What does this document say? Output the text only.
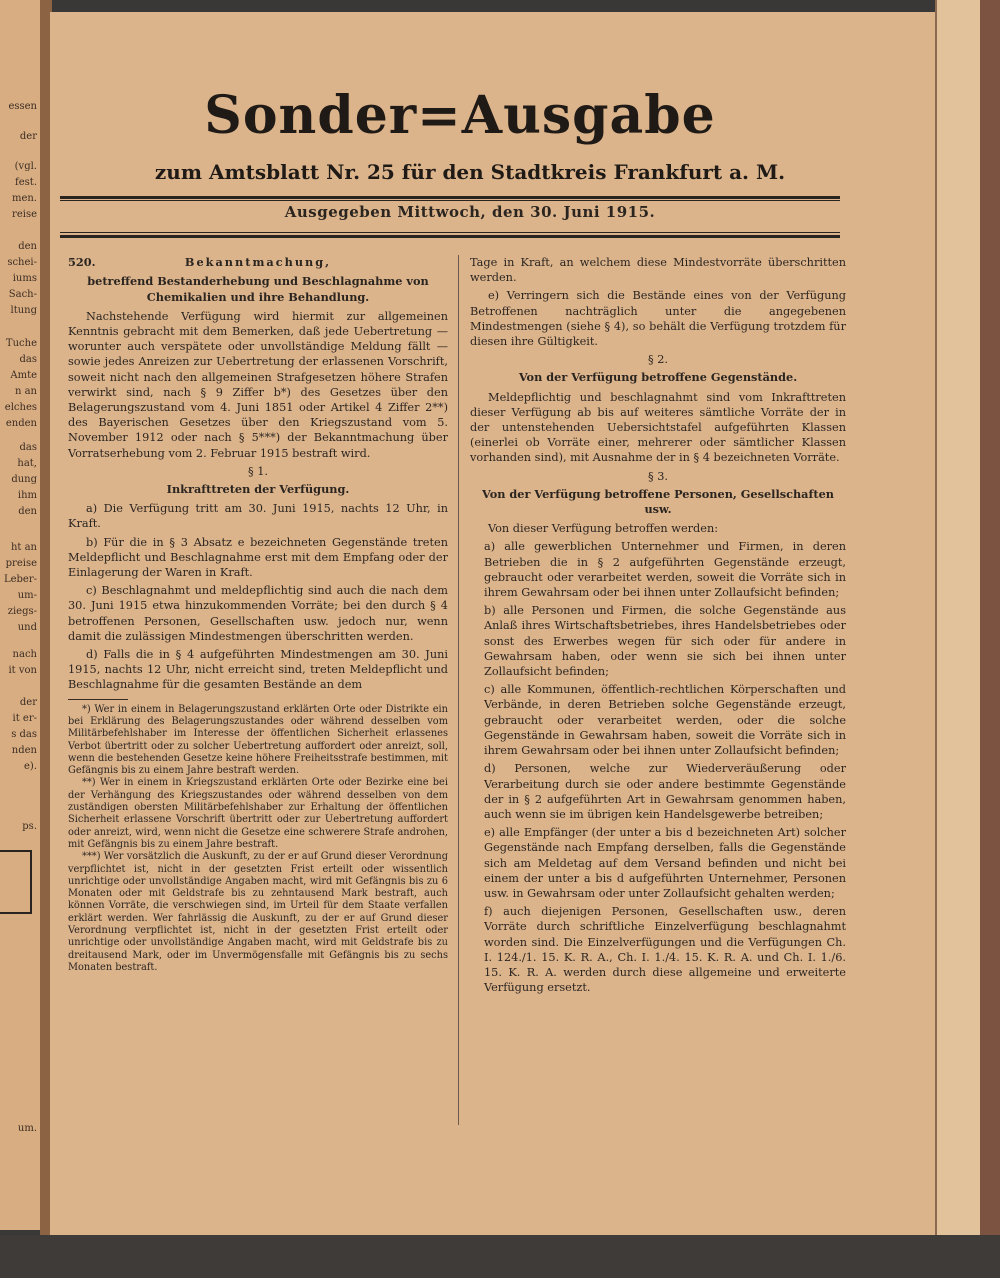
essen
der
(vgl.
fest.
men.
reise
den
schei-
iums
Sach-
ltung
Tuche
das
Amte
n an
elches
enden
das
hat,
dung
ihm
den
ht an
preise
Leber-
um-
ziegs-
und
nach
it von
der
it er-
s das
nden
e).
ps.
um.
Sonder=Ausgabe
zum Amtsblatt Nr. 25 für den Stadtkreis Frankfurt a. M.
Ausgegeben Mittwoch, den 30. Juni 1915.

520.	Bekanntmachung,

betreffend Bestanderhebung und Beschlagnahme von Chemikalien und ihre Behandlung.

Nachstehende Verfügung wird hiermit zur allgemeinen Kenntnis gebracht mit dem Bemerken, daß jede Uebertretung — worunter auch verspätete oder unvollständige Meldung fällt — sowie jedes Anreizen zur Uebertretung der erlassenen Vorschrift, soweit nicht nach den allgemeinen Strafgesetzen höhere Strafen verwirkt sind, nach § 9 Ziffer b*) des Gesetzes über den Belagerungszustand vom 4. Juni 1851 oder Artikel 4 Ziffer 2**) des Bayerischen Gesetzes über den Kriegszustand vom 5. November 1912 oder nach § 5***) der Bekanntmachung über Vorratserhebung vom 2. Februar 1915 bestraft wird.

§ 1.

Inkrafttreten der Verfügung.

a) Die Verfügung tritt am 30. Juni 1915, nachts 12 Uhr, in Kraft.

b) Für die in § 3 Absatz e bezeichneten Gegenstände treten Meldepflicht und Beschlagnahme erst mit dem Empfang oder der Einlagerung der Waren in Kraft.

c) Beschlagnahmt und meldepflichtig sind auch die nach dem 30. Juni 1915 etwa hinzukommenden Vorräte; bei den durch § 4 betroffenen Personen, Gesellschaften usw. jedoch nur, wenn damit die zulässigen Mindestmengen überschritten werden.

d) Falls die in § 4 aufgeführten Mindestmengen am 30. Juni 1915, nachts 12 Uhr, nicht erreicht sind, treten Meldepflicht und Beschlagnahme für die gesamten Bestände an dem

*) Wer in einem in Belagerungszustand erklärten Orte oder Distrikte ein bei Erklärung des Belagerungszustandes oder während desselben vom Militärbefehlshaber im Interesse der öffentlichen Sicherheit erlassenes Verbot übertritt oder zu solcher Uebertretung auffordert oder anreizt, soll, wenn die bestehenden Gesetze keine höhere Freiheitsstrafe bestimmen, mit Gefängnis bis zu einem Jahre bestraft werden.

**) Wer in einem in Kriegszustand erklärten Orte oder Bezirke eine bei der Verhängung des Kriegszustandes oder während desselben von dem zuständigen obersten Militärbefehlshaber zur Erhaltung der öffentlichen Sicherheit erlassene Vorschrift übertritt oder zur Uebertretung auffordert oder anreizt, wird, wenn nicht die Gesetze eine schwerere Strafe androhen, mit Gefängnis bis zu einem Jahre bestraft.

***) Wer vorsätzlich die Auskunft, zu der er auf Grund dieser Verordnung verpflichtet ist, nicht in der gesetzten Frist erteilt oder wissentlich unrichtige oder unvollständige Angaben macht, wird mit Gefängnis bis zu 6 Monaten oder mit Geldstrafe bis zu zehntausend Mark bestraft, auch können Vorräte, die verschwiegen sind, im Urteil für dem Staate verfallen erklärt werden. Wer fahrlässig die Auskunft, zu der er auf Grund dieser Verordnung verpflichtet ist, nicht in der gesetzten Frist erteilt oder unrichtige oder unvollständige Angaben macht, wird mit Geldstrafe bis zu dreitausend Mark, oder im Unvermögensfalle mit Gefängnis bis zu sechs Monaten bestraft.

Tage in Kraft, an welchem diese Mindestvorräte überschritten werden.

e) Verringern sich die Bestände eines von der Verfügung Betroffenen nachträglich unter die angegebenen Mindestmengen (siehe § 4), so behält die Verfügung trotzdem für diesen ihre Gültigkeit.

§ 2.

Von der Verfügung betroffene Gegenstände.

Meldepflichtig und beschlagnahmt sind vom Inkrafttreten dieser Verfügung ab bis auf weiteres sämtliche Vorräte der in der untenstehenden Uebersichtstafel aufgeführten Klassen (einerlei ob Vorräte einer, mehrerer oder sämtlicher Klassen vorhanden sind), mit Ausnahme der in § 4 bezeichneten Vorräte.

§ 3.

Von der Verfügung betroffene Personen, Gesellschaften usw.

Von dieser Verfügung betroffen werden:

a) alle gewerblichen Unternehmer und Firmen, in deren Betrieben die in § 2 aufgeführten Gegenstände erzeugt, gebraucht oder verarbeitet werden, soweit die Vorräte sich in ihrem Gewahrsam oder bei ihnen unter Zollaufsicht befinden;

b) alle Personen und Firmen, die solche Gegenstände aus Anlaß ihres Wirtschaftsbetriebes, ihres Handelsbetriebes oder sonst des Erwerbes wegen für sich oder für andere in Gewahrsam haben, oder wenn sie sich bei ihnen unter Zollaufsicht befinden;

c) alle Kommunen, öffentlich-rechtlichen Körperschaften und Verbände, in deren Betrieben solche Gegenstände erzeugt, gebraucht oder verarbeitet werden, oder die solche Gegenstände in Gewahrsam haben, soweit die Vorräte sich in ihrem Gewahrsam oder bei ihnen unter Zollaufsicht befinden;

d) Personen, welche zur Wiederveräußerung oder Verarbeitung durch sie oder andere bestimmte Gegenstände der in § 2 aufgeführten Art in Gewahrsam genommen haben, auch wenn sie im übrigen kein Handelsgewerbe betreiben;

e) alle Empfänger (der unter a bis d bezeichneten Art) solcher Gegenstände nach Empfang derselben, falls die Gegenstände sich am Meldetag auf dem Versand befinden und nicht bei einem der unter a bis d aufgeführten Unternehmer, Personen usw. in Gewahrsam oder unter Zollaufsicht gehalten werden;

f) auch diejenigen Personen, Gesellschaften usw., deren Vorräte durch schriftliche Einzelverfügung beschlagnahmt worden sind. Die Einzelverfügungen und die Verfügungen Ch. I. 124./1. 15. K. R. A., Ch. I. 1./4. 15. K. R. A. und Ch. I. 1./6. 15. K. R. A. werden durch diese allgemeine und erweiterte Verfügung ersetzt.
